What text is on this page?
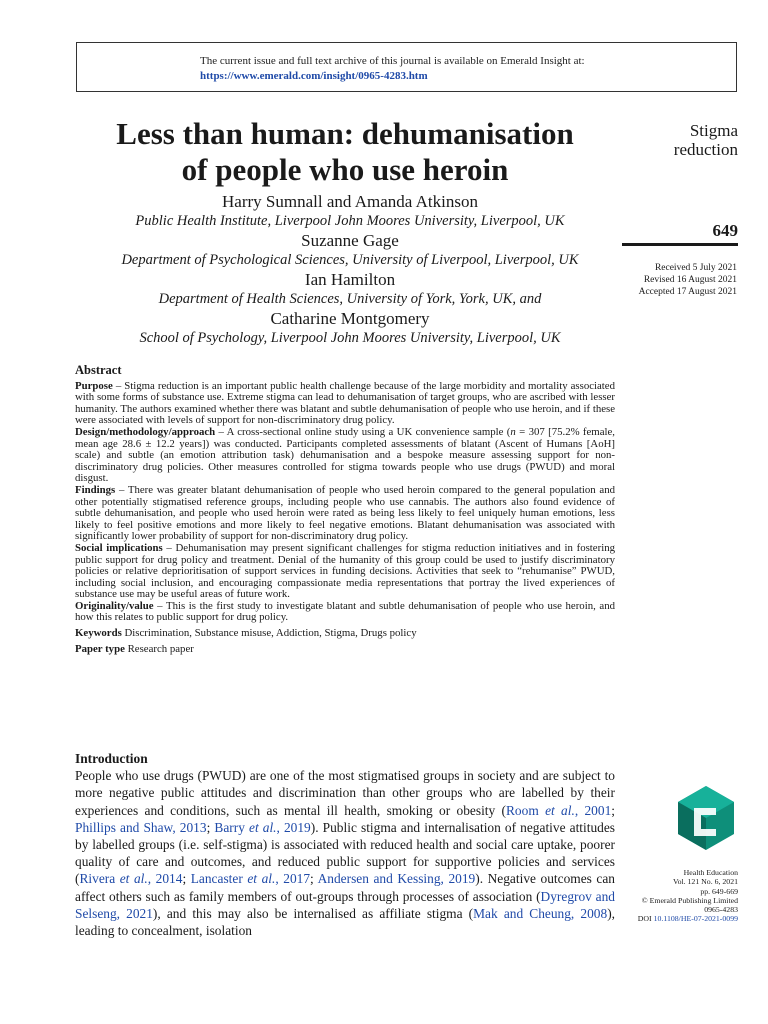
The current issue and full text archive of this journal is available on Emerald Insight at:
https://www.emerald.com/insight/0965-4283.htm
Less than human: dehumanisation
of people who use heroin
Stigma
reduction
649
Received 5 July 2021
Revised 16 August 2021
Accepted 17 August 2021
Harry Sumnall and Amanda Atkinson
Public Health Institute, Liverpool John Moores University, Liverpool, UK
Suzanne Gage
Department of Psychological Sciences, University of Liverpool, Liverpool, UK
Ian Hamilton
Department of Health Sciences, University of York, York, UK, and
Catharine Montgomery
School of Psychology, Liverpool John Moores University, Liverpool, UK
Abstract

Purpose – Stigma reduction is an important public health challenge because of the large morbidity and mortality associated with some forms of substance use. Extreme stigma can lead to dehumanisation of target groups, who are ascribed with lesser humanity. The authors examined whether there was blatant and subtle dehumanisation of people who use heroin, and if these were associated with levels of support for non-discriminatory drug policy.

Design/methodology/approach – A cross-sectional online study using a UK convenience sample (n = 307 [75.2% female, mean age 28.6 ± 12.2 years]) was conducted. Participants completed assessments of blatant (Ascent of Humans [AoH] scale) and subtle (an emotion attribution task) dehumanisation and a bespoke measure assessing support for non-discriminatory drug policies. Other measures controlled for stigma towards people who use drugs (PWUD) and moral disgust.

Findings – There was greater blatant dehumanisation of people who used heroin compared to the general population and other potentially stigmatised reference groups, including people who use cannabis. The authors also found evidence of subtle dehumanisation, and people who used heroin were rated as being less likely to feel uniquely human emotions, less likely to feel positive emotions and more likely to feel negative emotions. Blatant dehumanisation was associated with significantly lower probability of support for non-discriminatory drug policy.

Social implications – Dehumanisation may present significant challenges for stigma reduction initiatives and in fostering public support for drug policy and treatment. Denial of the humanity of this group could be used to justify discriminatory policies or relative deprioritisation of support services in funding decisions. Activities that seek to “rehumanise” PWUD, including social inclusion, and encouraging compassionate media representations that portray the lived experiences of substance use may be useful areas of future work.

Originality/value – This is the first study to investigate blatant and subtle dehumanisation of people who use heroin, and how this relates to public support for drug policy.

Keywords Discrimination, Substance misuse, Addiction, Stigma, Drugs policy

Paper type Research paper

Introduction

People who use drugs (PWUD) are one of the most stigmatised groups in society and are subject to more negative public attitudes and discrimination than other groups who are labelled by their experiences and conditions, such as mental ill health, smoking or obesity (Room et al., 2001; Phillips and Shaw, 2013; Barry et al., 2019). Public stigma and internalisation of negative attitudes by labelled groups (i.e. self-stigma) is associated with reduced health and social care uptake, poorer quality of care and outcomes, and reduced public support for supportive policies and services (Rivera et al., 2014; Lancaster et al., 2017; Andersen and Kessing, 2019). Negative outcomes can affect others such as family members of out-groups through processes of association (Dyregrov and Selseng, 2021), and this may also be internalised as affiliate stigma (Mak and Cheung, 2008), leading to concealment, isolation

Health Education
Vol. 121 No. 6, 2021
pp. 649-669
© Emerald Publishing Limited
0965-4283
DOI 10.1108/HE-07-2021-0099
